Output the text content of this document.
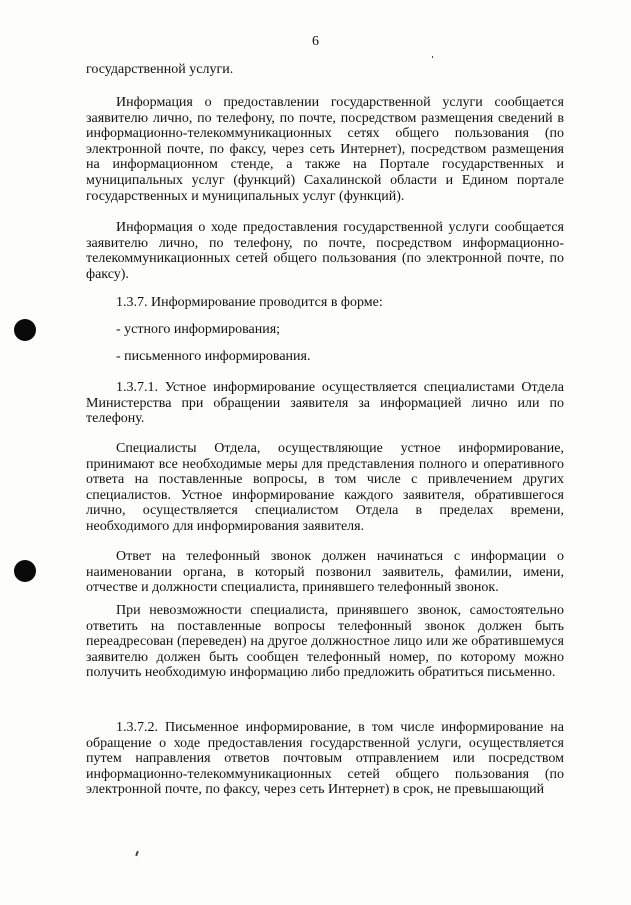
6
государственной услуги.
Информация о предоставлении государственной услуги сообщается заявителю лично, по телефону, по почте, посредством размещения сведений в информационно-телекоммуникационных сетях общего пользования (по электронной почте, по факсу, через сеть Интернет), посредством размещения на информационном стенде, а также на Портале государственных и муниципальных услуг (функций) Сахалинской области и Едином портале государственных и муниципальных услуг (функций).
Информация о ходе предоставления государственной услуги сообщается заявителю лично, по телефону, по почте, посредством информационно-телекоммуникационных сетей общего пользования (по электронной почте, по факсу).
1.3.7. Информирование проводится в форме:
- устного информирования;
- письменного информирования.
1.3.7.1. Устное информирование осуществляется специалистами Отдела Министерства при обращении заявителя за информацией лично или по телефону.
Специалисты Отдела, осуществляющие устное информирование, принимают все необходимые меры для представления полного и оперативного ответа на поставленные вопросы, в том числе с привлечением других специалистов. Устное информирование каждого заявителя, обратившегося лично, осуществляется специалистом Отдела в пределах времени, необходимого для информирования заявителя.
Ответ на телефонный звонок должен начинаться с информации о наименовании органа, в который позвонил заявитель, фамилии, имени, отчестве и должности специалиста, принявшего телефонный звонок.
При невозможности специалиста, принявшего звонок, самостоятельно ответить на поставленные вопросы телефонный звонок должен быть переадресован (переведен) на другое должностное лицо или же обратившемуся заявителю должен быть сообщен телефонный номер, по которому можно получить необходимую информацию либо предложить обратиться письменно.
1.3.7.2. Письменное информирование, в том числе информирование на обращение о ходе предоставления государственной услуги, осуществляется путем направления ответов почтовым отправлением или посредством информационно-телекоммуникационных сетей общего пользования (по электронной почте, по факсу, через сеть Интернет) в срок, не превышающий
